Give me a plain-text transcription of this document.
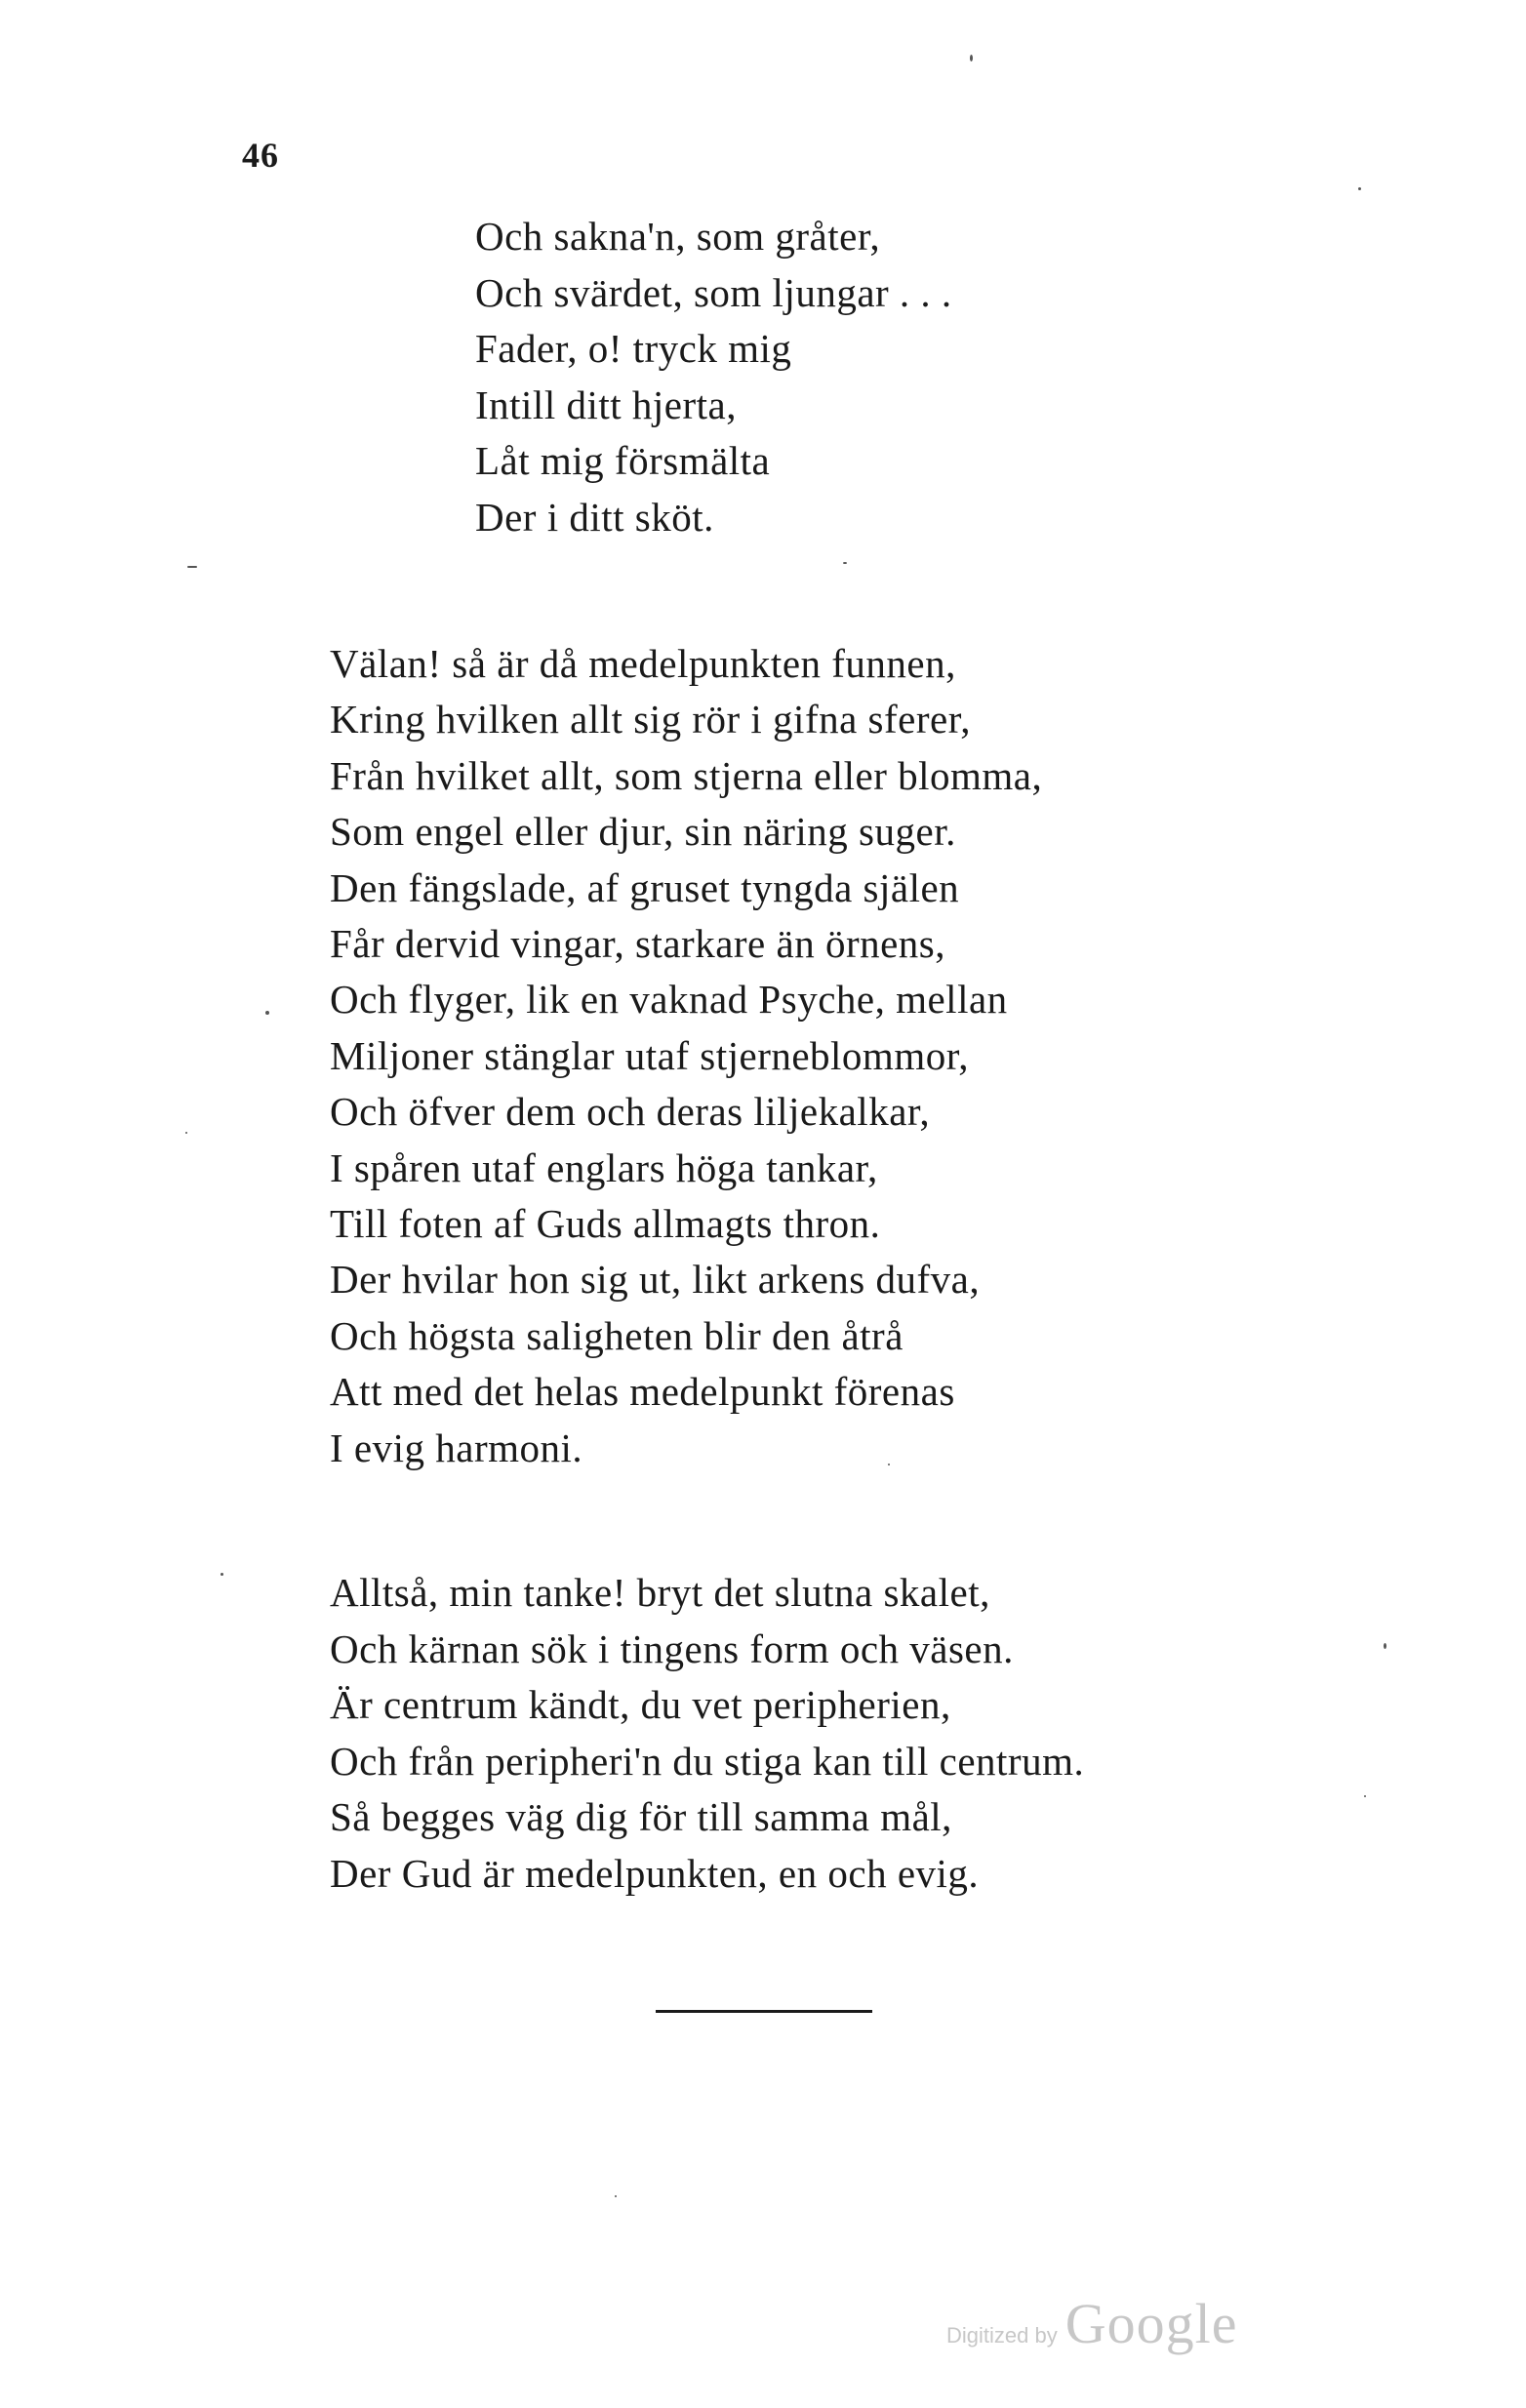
46
Och sakna'n, som gråter,
Och svärdet, som ljungar . . .
Fader, o! tryck mig
Intill ditt hjerta,
Låt mig försmälta
Der i ditt sköt.
Välan! så är då medelpunkten funnen,
Kring hvilken allt sig rör i gifna sferer,
Från hvilket allt, som stjerna eller blomma,
Som engel eller djur, sin näring suger.
Den fängslade, af gruset tyngda själen
Får dervid vingar, starkare än örnens,
Och flyger, lik en vaknad Psyche, mellan
Miljoner stänglar utaf stjerneblommor,
Och öfver dem och deras liljekalkar,
I spåren utaf englars höga tankar,
Till foten af Guds allmagts thron.
Der hvilar hon sig ut, likt arkens dufva,
Och högsta saligheten blir den åtrå
Att med det helas medelpunkt förenas
I evig harmoni.
Alltså, min tanke! bryt det slutna skalet,
Och kärnan sök i tingens form och väsen.
Är centrum kändt, du vet peripherien,
Och från peripheri'n du stiga kan till centrum.
Så begges väg dig för till samma mål,
Der Gud är medelpunkten, en och evig.
Digitized by Google
